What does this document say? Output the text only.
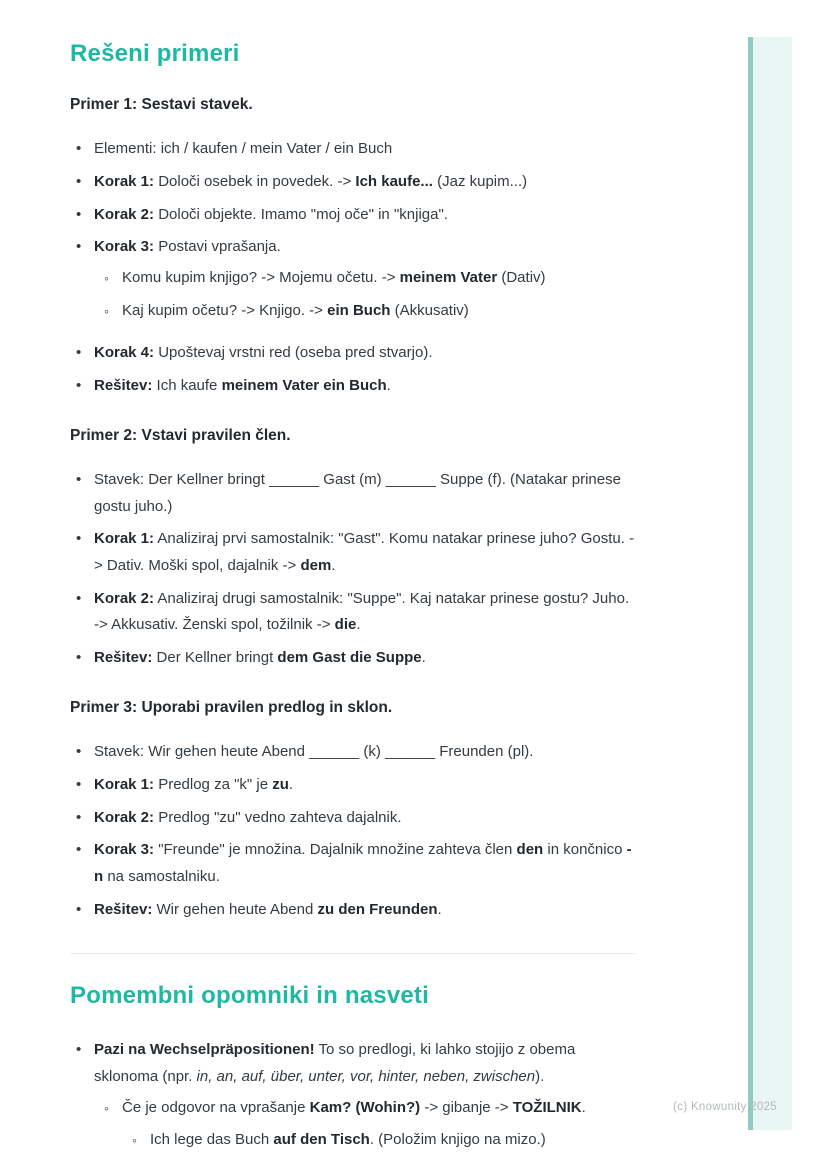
Rešeni primeri
Primer 1: Sestavi stavek.
• Elementi: ich / kaufen / mein Vater / ein Buch
• Korak 1: Določi osebek in povedek. -> Ich kaufe... (Jaz kupim...)
• Korak 2: Določi objekte. Imamo "moj oče" in "knjiga".
• Korak 3: Postavi vprašanja.
◦ Komu kupim knjigo? -> Mojemu očetu. -> meinem Vater (Dativ)
◦ Kaj kupim očetu? -> Knjigo. -> ein Buch (Akkusativ)
• Korak 4: Upoštevaj vrstni red (oseba pred stvarjo).
• Rešitev: Ich kaufe meinem Vater ein Buch.
Primer 2: Vstavi pravilen člen.
• Stavek: Der Kellner bringt ______ Gast (m) ______ Suppe (f). (Natakar prinese gostu juho.)
• Korak 1: Analiziraj prvi samostalnik: "Gast". Komu natakar prinese juho? Gostu. -> Dativ. Moški spol, dajalnik -> dem.
• Korak 2: Analiziraj drugi samostalnik: "Suppe". Kaj natakar prinese gostu? Juho. -> Akkusativ. Ženski spol, tožilnik -> die.
• Rešitev: Der Kellner bringt dem Gast die Suppe.
Primer 3: Uporabi pravilen predlog in sklon.
• Stavek: Wir gehen heute Abend ______ (k) ______ Freunden (pl).
• Korak 1: Predlog za "k" je zu.
• Korak 2: Predlog "zu" vedno zahteva dajalnik.
• Korak 3: "Freunde" je množina. Dajalnik množine zahteva člen den in končnico -n na samostalniku.
• Rešitev: Wir gehen heute Abend zu den Freunden.
Pomembni opomniki in nasveti
• Pazi na Wechselpräpositionen! To so predlogi, ki lahko stojijo z obema sklonoma (npr. in, an, auf, über, unter, vor, hinter, neben, zwischen).
◦ Če je odgovor na vprašanje Kam? (Wohin?) -> gibanje -> TOŽILNIK.
◦ Ich lege das Buch auf den Tisch. (Položim knjigo na mizo.)
(c) Knowunity 2025
